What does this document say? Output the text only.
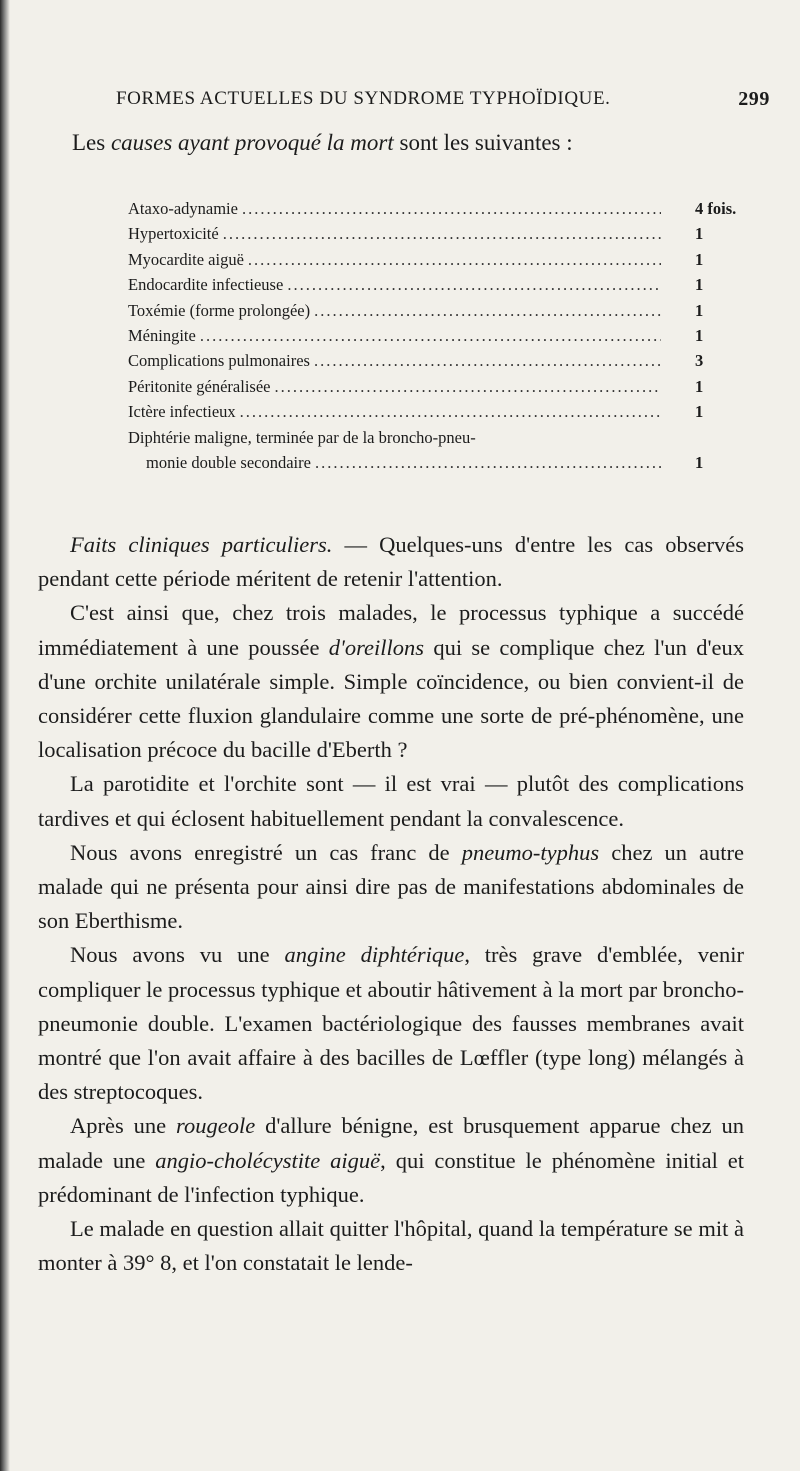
FORMES ACTUELLES DU SYNDROME TYPHOÏDIQUE.	299
Les causes ayant provoqué la mort sont les suivantes :
Ataxo-adynamie .....	4 fois.
Hypertoxicité .....	1
Myocardite aiguë .....	1
Endocardite infectieuse .....	1
Toxémie (forme prolongée) .....	1
Méningite .....	1
Complications pulmonaires .....	3
Péritonite généralisée .....	1
Ictère infectieux .....	1
Diphtérie maligne, terminée par de la broncho-pneu-
monie double secondaire .....	1

Faits cliniques particuliers. — Quelques-uns d'entre les cas observés pendant cette période méritent de retenir l'attention.

C'est ainsi que, chez trois malades, le processus typhique a succédé immédiatement à une poussée d'oreillons qui se complique chez l'un d'eux d'une orchite unilatérale simple. Simple coïncidence, ou bien convient-il de considérer cette fluxion glandulaire comme une sorte de pré-phénomène, une localisation précoce du bacille d'Eberth ?

La parotidite et l'orchite sont — il est vrai — plutôt des complications tardives et qui éclosent habituellement pendant la convalescence.

Nous avons enregistré un cas franc de pneumo-typhus chez un autre malade qui ne présenta pour ainsi dire pas de manifestations abdominales de son Eberthisme.

Nous avons vu une angine diphtérique, très grave d'emblée, venir compliquer le processus typhique et aboutir hâtivement à la mort par broncho-pneumonie double. L'examen bactériologique des fausses membranes avait montré que l'on avait affaire à des bacilles de Lœffler (type long) mélangés à des streptocoques.

Après une rougeole d'allure bénigne, est brusquement apparue chez un malade une angio-cholécystite aiguë, qui constitue le phénomène initial et prédominant de l'infection typhique.

Le malade en question allait quitter l'hôpital, quand la température se mit à monter à 39° 8, et l'on constatait le lende-
